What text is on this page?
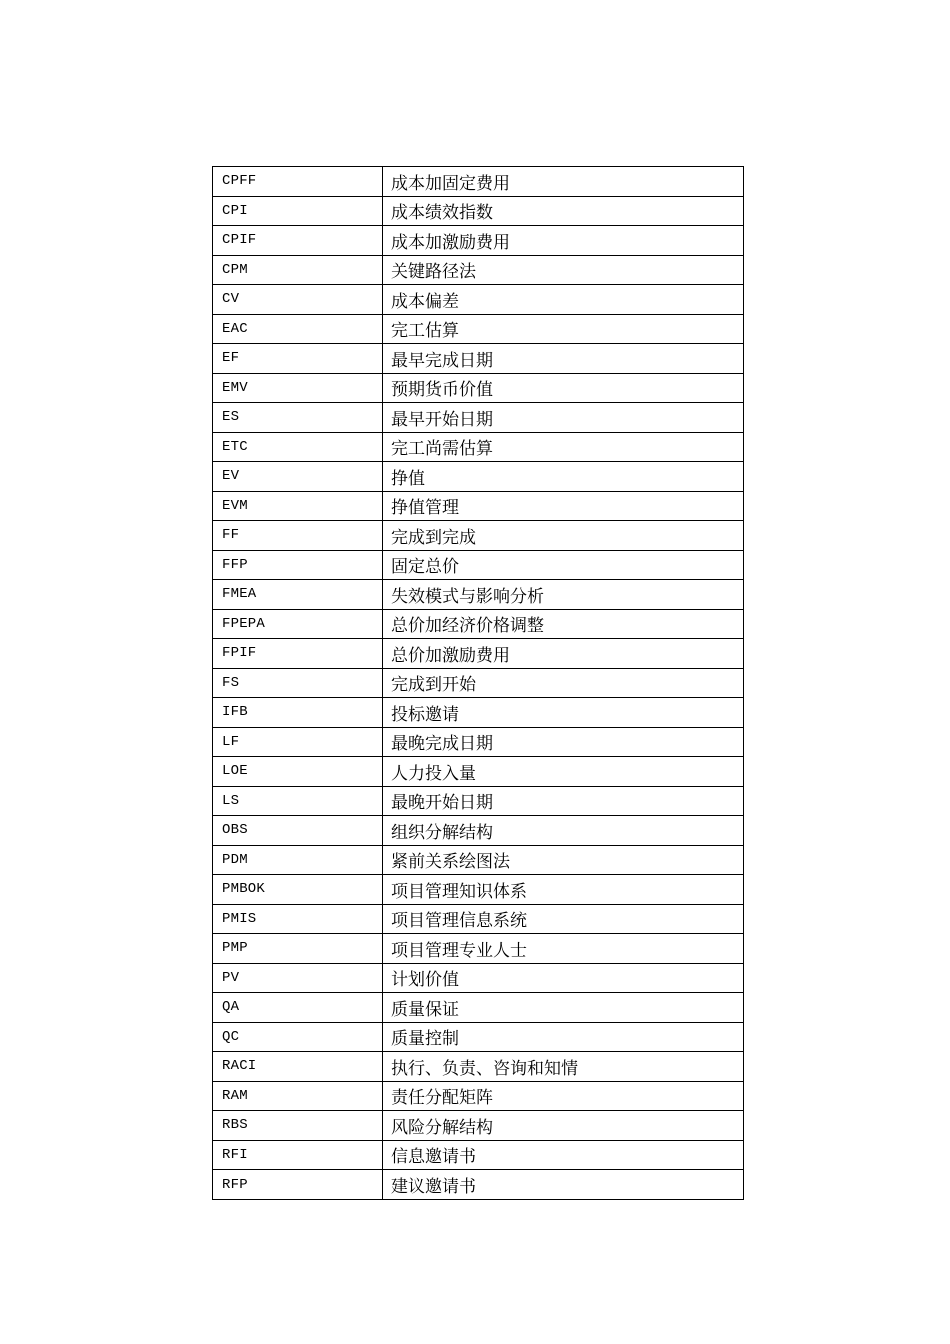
CPFF	成本加固定费用
CPI	成本绩效指数
CPIF	成本加激励费用
CPM	关键路径法
CV	成本偏差
EAC	完工估算
EF	最早完成日期
EMV	预期货币价值
ES	最早开始日期
ETC	完工尚需估算
EV	挣值
EVM	挣值管理
FF	完成到完成
FFP	固定总价
FMEA	失效模式与影响分析
FPEPA	总价加经济价格调整
FPIF	总价加激励费用
FS	完成到开始
IFB	投标邀请
LF	最晚完成日期
LOE	人力投入量
LS	最晚开始日期
OBS	组织分解结构
PDM	紧前关系绘图法
PMBOK	项目管理知识体系
PMIS	项目管理信息系统
PMP	项目管理专业人士
PV	计划价值
QA	质量保证
QC	质量控制
RACI	执行、负责、咨询和知情
RAM	责任分配矩阵
RBS	风险分解结构
RFI	信息邀请书
RFP	建议邀请书
